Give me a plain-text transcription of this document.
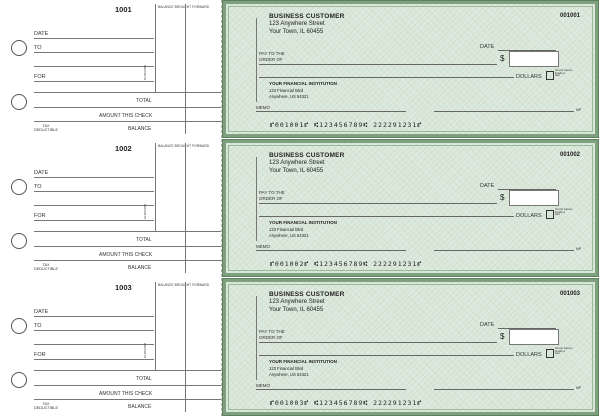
1001	BALANCE BROUGHT FORWARD
DATE
TO
FOR	DEPOSITS
TOTAL
AMOUNT THIS CHECK
TAX
DEDUCTIBLE	BALANCE
BUSINESS CUSTOMER
123 Anywhere Street
Your Town, IL 60455
001001
DATE
PAY TO THE
ORDER OF	$
DOLLARS
Security features.
Details on
back.
YOUR FINANCIAL INSTITUTION
123 Financial Blvd
Anywhere, US 54321
MEMO	MP
⑈001001⑈ ⑆123456789⑆ 222291231⑈
1002	BALANCE BROUGHT FORWARD
DATE
TO
FOR	DEPOSITS
TOTAL
AMOUNT THIS CHECK
TAX
DEDUCTIBLE	BALANCE
BUSINESS CUSTOMER
123 Anywhere Street
Your Town, IL 60455
001002
DATE
PAY TO THE
ORDER OF	$
DOLLARS
Security features.
Details on
back.
YOUR FINANCIAL INSTITUTION
123 Financial Blvd
Anywhere, US 54321
MEMO	MP
⑈001002⑈ ⑆123456789⑆ 222291231⑈
1003	BALANCE BROUGHT FORWARD
DATE
TO
FOR	DEPOSITS
TOTAL
AMOUNT THIS CHECK
TAX
DEDUCTIBLE	BALANCE
BUSINESS CUSTOMER
123 Anywhere Street
Your Town, IL 60455
001003
DATE
PAY TO THE
ORDER OF	$
DOLLARS
Security features.
Details on
back.
YOUR FINANCIAL INSTITUTION
123 Financial Blvd
Anywhere, US 54321
MEMO	MP
⑈001003⑈ ⑆123456789⑆ 222291231⑈
